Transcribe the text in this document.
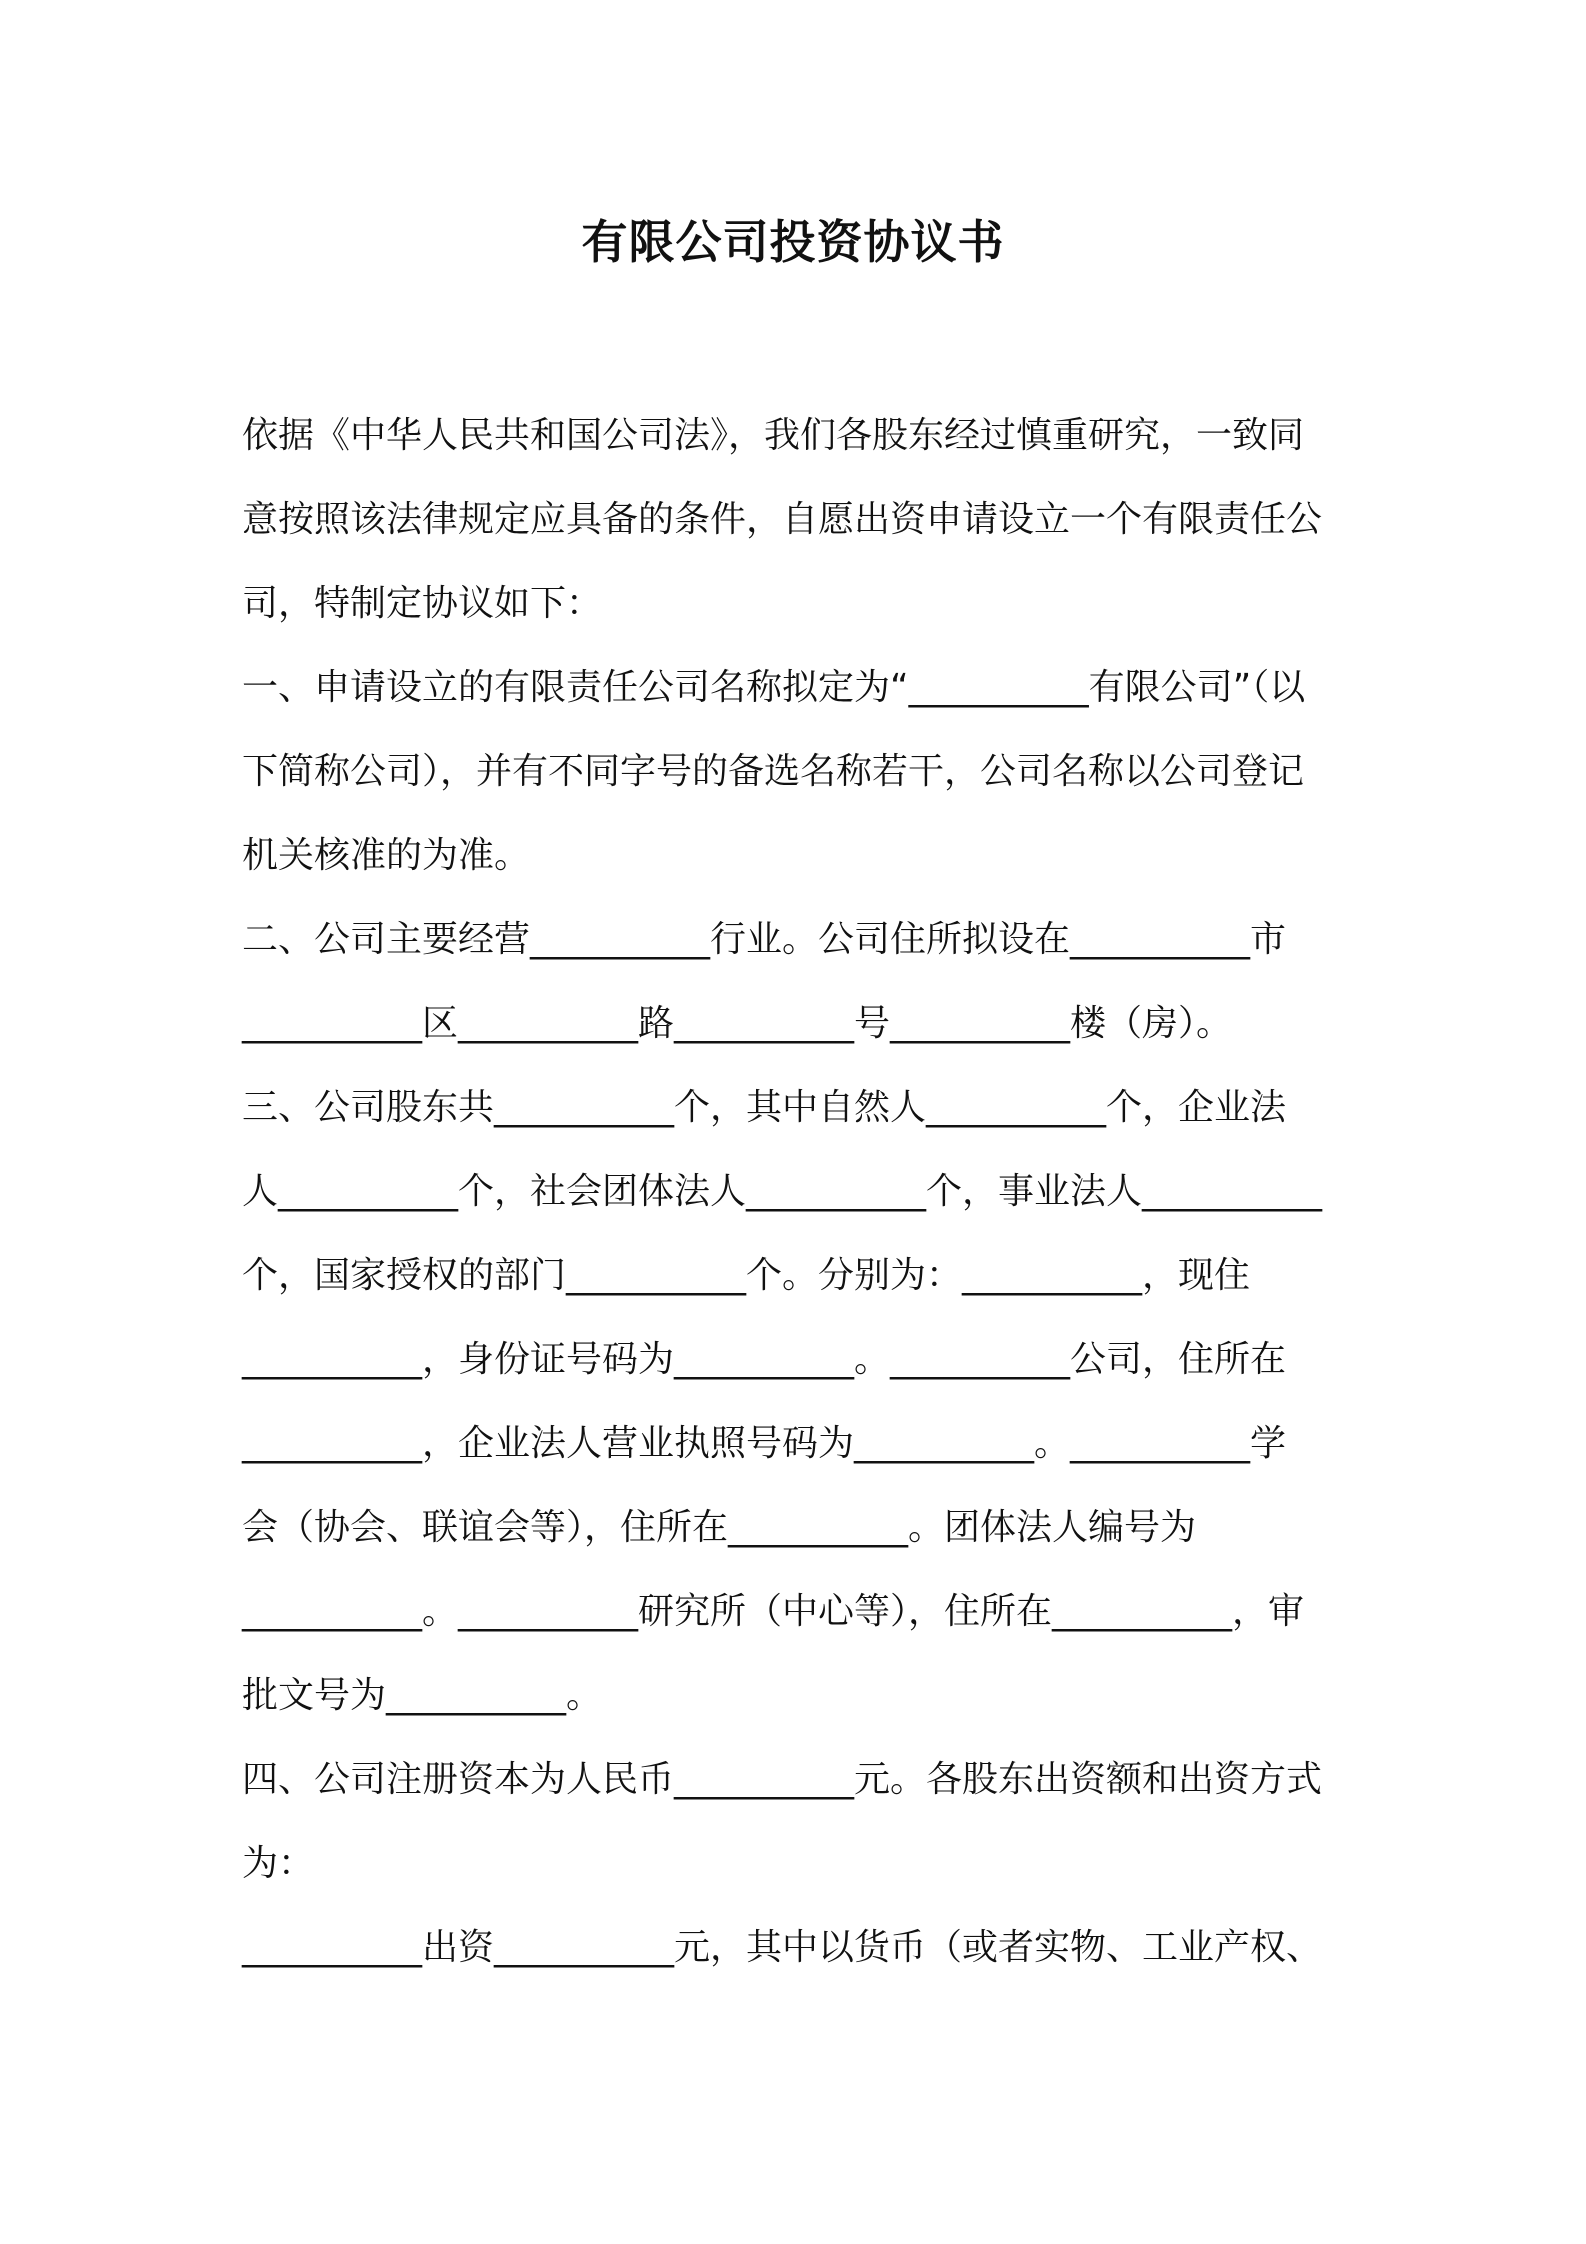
有限公司投资协议书
依据《中华人民共和国公司法》，我们各股东经过慎重研究，一致同
意按照该法律规定应具备的条件，自愿出资申请设立一个有限责任公
司，特制定协议如下：
一、申请设立的有限责任公司名称拟定为“__________有限公司”（以
下简称公司），并有不同字号的备选名称若干，公司名称以公司登记
机关核准的为准。
二、公司主要经营__________行业。公司住所拟设在__________市
__________区__________路__________号__________楼（房）。
三、公司股东共__________个，其中自然人__________个，企业法
人__________个，社会团体法人__________个，事业法人__________
个，国家授权的部门__________个。分别为：__________，现住
__________，身份证号码为__________。__________公司，住所在
__________，企业法人营业执照号码为__________。__________学
会（协会、联谊会等），住所在__________。团体法人编号为
__________。__________研究所（中心等），住所在__________，审
批文号为__________。
四、公司注册资本为人民币__________元。各股东出资额和出资方式
为：
__________出资__________元，其中以货币（或者实物、工业产权、
